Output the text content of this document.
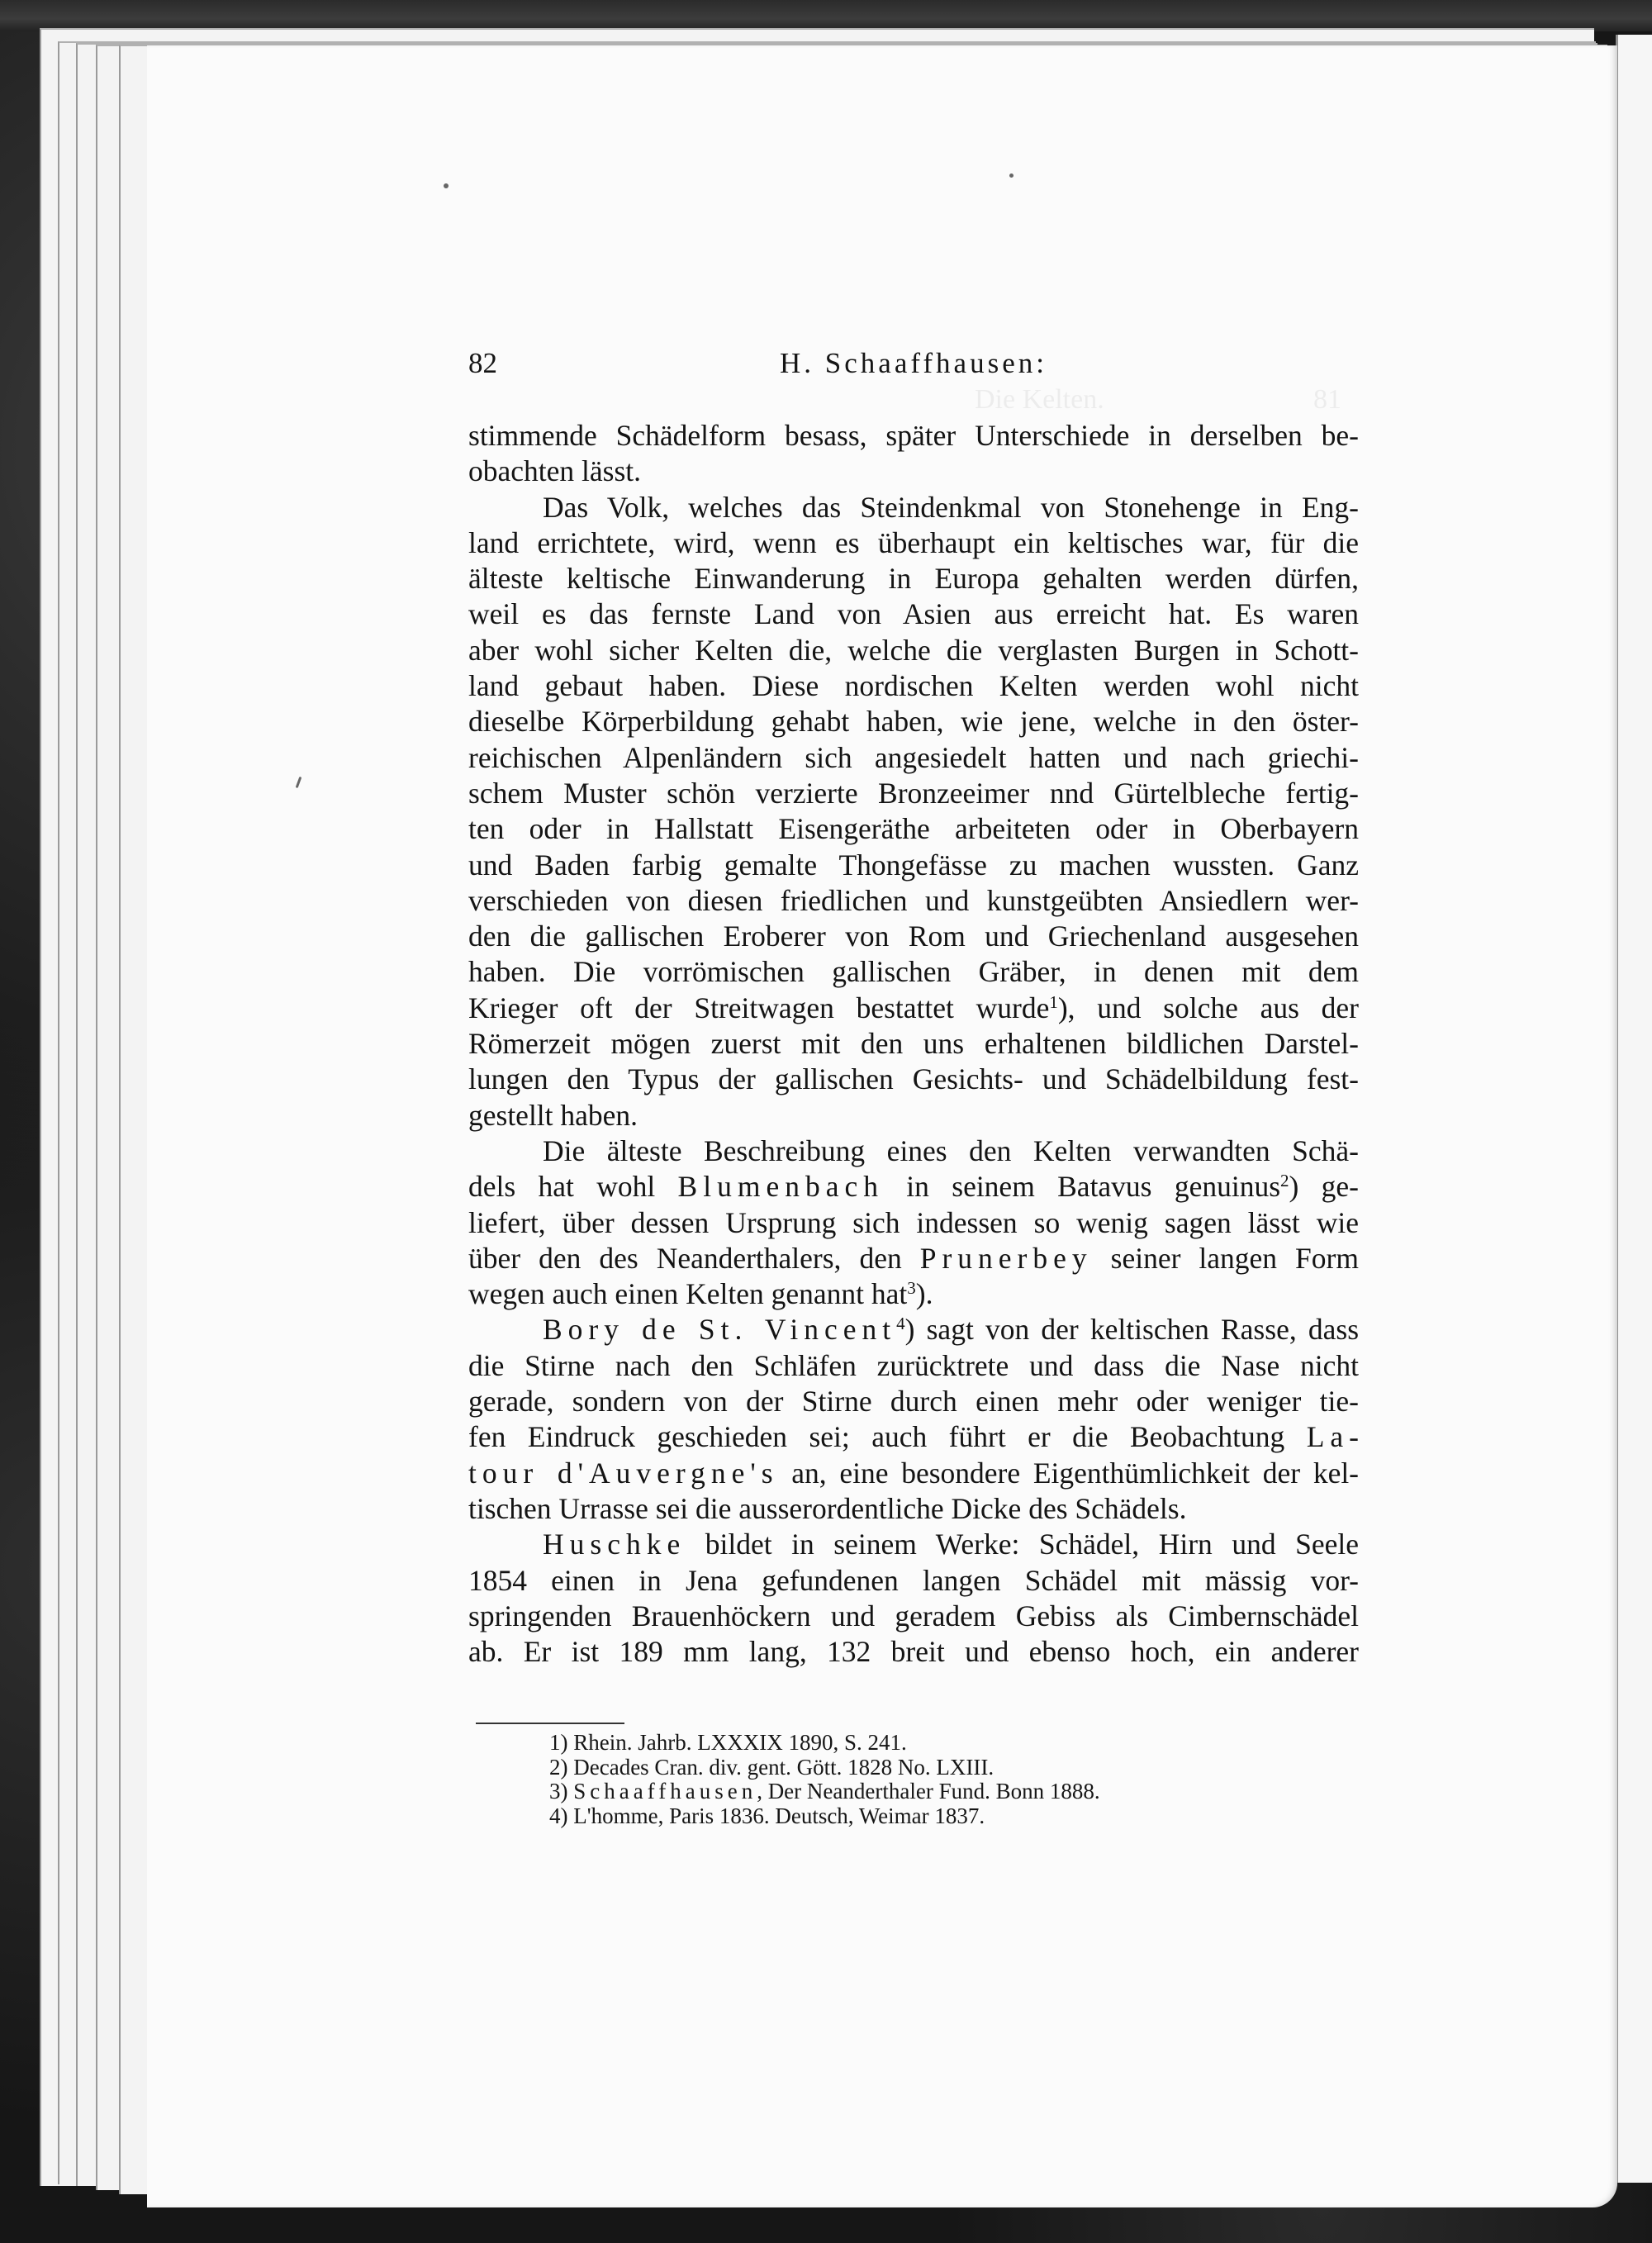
Die Kelten.	81
82	H. Schaaffhausen:
stimmende Schädelform besass, später Unterschiede in derselben be-
obachten lässt.
Das Volk, welches das Steindenkmal von Stonehenge in Eng-
land errichtete, wird, wenn es überhaupt ein keltisches war, für die
älteste keltische Einwanderung in Europa gehalten werden dürfen,
weil es das fernste Land von Asien aus erreicht hat. Es waren
aber wohl sicher Kelten die, welche die verglasten Burgen in Schott-
land gebaut haben. Diese nordischen Kelten werden wohl nicht
dieselbe Körperbildung gehabt haben, wie jene, welche in den öster-
reichischen Alpenländern sich angesiedelt hatten und nach griechi-
schem Muster schön verzierte Bronzeeimer nnd Gürtelbleche fertig-
ten oder in Hallstatt Eisengeräthe arbeiteten oder in Oberbayern
und Baden farbig gemalte Thongefässe zu machen wussten. Ganz
verschieden von diesen friedlichen und kunstgeübten Ansiedlern wer-
den die gallischen Eroberer von Rom und Griechenland ausgesehen
haben. Die vorrömischen gallischen Gräber, in denen mit dem
Krieger oft der Streitwagen bestattet wurde$^1$), und solche aus der
Römerzeit mögen zuerst mit den uns erhaltenen bildlichen Darstel-
lungen den Typus der gallischen Gesichts- und Schädelbildung fest-
gestellt haben.
Die älteste Beschreibung eines den Kelten verwandten Schä-
dels hat wohl Blumenbach in seinem Batavus genuinus$^2$) ge-
liefert, über dessen Ursprung sich indessen so wenig sagen lässt wie
über den des Neanderthalers, den Prunerbey seiner langen Form
wegen auch einen Kelten genannt hat$^3$).
Bory de St. Vincent$^4$) sagt von der keltischen Rasse, dass
die Stirne nach den Schläfen zurücktrete und dass die Nase nicht
gerade, sondern von der Stirne durch einen mehr oder weniger tie-
fen Eindruck geschieden sei; auch führt er die Beobachtung La-
tour d'Auvergne's an, eine besondere Eigenthümlichkeit der kel-
tischen Urrasse sei die ausserordentliche Dicke des Schädels.
Huschke bildet in seinem Werke: Schädel, Hirn und Seele
1854 einen in Jena gefundenen langen Schädel mit mässig vor-
springenden Brauenhöckern und geradem Gebiss als Cimbernschädel
ab. Er ist 189 mm lang, 132 breit und ebenso hoch, ein anderer
1) Rhein. Jahrb. LXXXIX 1890, S. 241.
2) Decades Cran. div. gent. Gött. 1828 No. LXIII.
3) Schaaffhausen, Der Neanderthaler Fund. Bonn 1888.
4) L'homme, Paris 1836. Deutsch, Weimar 1837.
